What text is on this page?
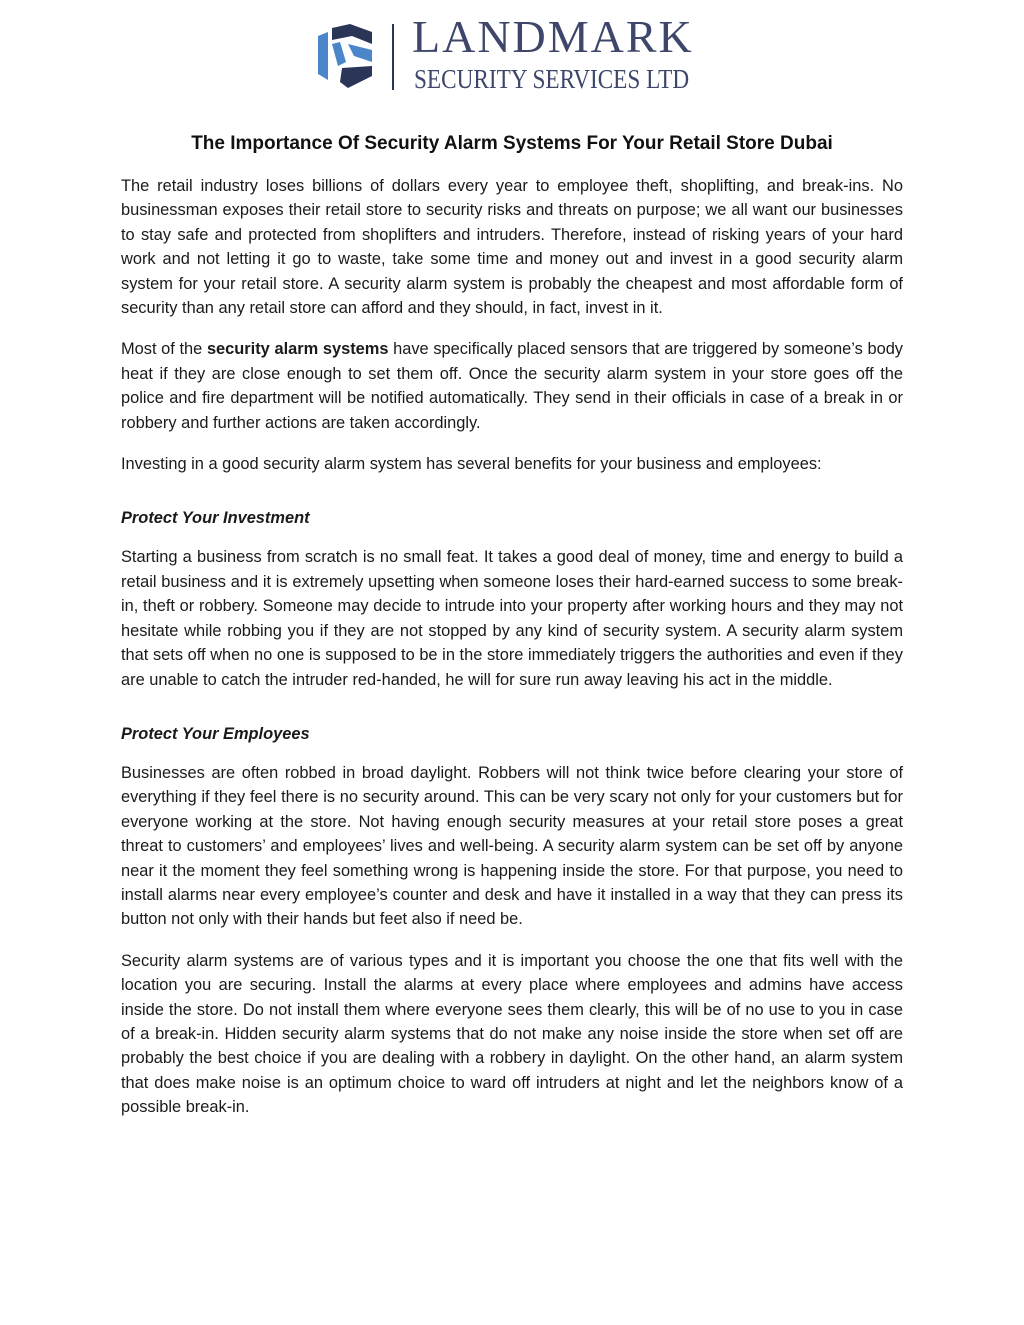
LANDMARK
SECURITY SERVICES LTD
The Importance Of Security Alarm Systems For Your Retail Store Dubai

The retail industry loses billions of dollars every year to employee theft, shoplifting, and break-ins. No businessman exposes their retail store to security risks and threats on purpose; we all want our businesses to stay safe and protected from shoplifters and intruders. Therefore, instead of risking years of your hard work and not letting it go to waste, take some time and money out and invest in a good security alarm system for your retail store. A security alarm system is probably the cheapest and most affordable form of security than any retail store can afford and they should, in fact, invest in it.

Most of the security alarm systems have specifically placed sensors that are triggered by someone’s body heat if they are close enough to set them off. Once the security alarm system in your store goes off the police and fire department will be notified automatically. They send in their officials in case of a break in or robbery and further actions are taken accordingly.

Investing in a good security alarm system has several benefits for your business and employees:

Protect Your Investment

Starting a business from scratch is no small feat. It takes a good deal of money, time and energy to build a retail business and it is extremely upsetting when someone loses their hard-earned success to some break-in, theft or robbery. Someone may decide to intrude into your property after working hours and they may not hesitate while robbing you if they are not stopped by any kind of security system. A security alarm system that sets off when no one is supposed to be in the store immediately triggers the authorities and even if they are unable to catch the intruder red-handed, he will for sure run away leaving his act in the middle.

Protect Your Employees

Businesses are often robbed in broad daylight. Robbers will not think twice before clearing your store of everything if they feel there is no security around. This can be very scary not only for your customers but for everyone working at the store. Not having enough security measures at your retail store poses a great threat to customers’ and employees’ lives and well-being. A security alarm system can be set off by anyone near it the moment they feel something wrong is happening inside the store. For that purpose, you need to install alarms near every employee’s counter and desk and have it installed in a way that they can press its button not only with their hands but feet also if need be.

Security alarm systems are of various types and it is important you choose the one that fits well with the location you are securing. Install the alarms at every place where employees and admins have access inside the store. Do not install them where everyone sees them clearly, this will be of no use to you in case of a break-in. Hidden security alarm systems that do not make any noise inside the store when set off are probably the best choice if you are dealing with a robbery in daylight. On the other hand, an alarm system that does make noise is an optimum choice to ward off intruders at night and let the neighbors know of a possible break-in.
